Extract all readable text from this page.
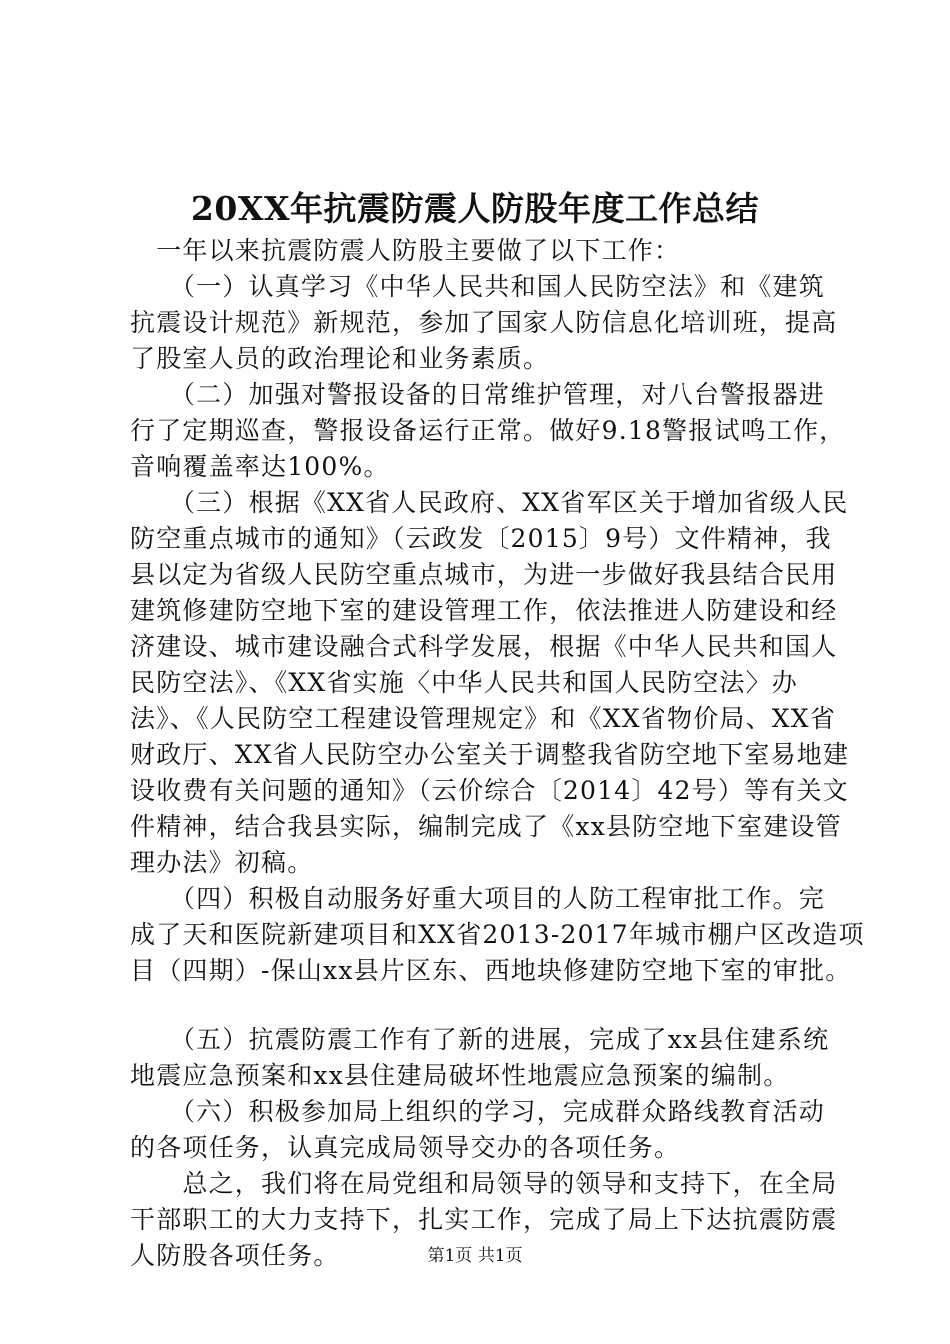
20XX年抗震防震人防股年度工作总结
　一年以来抗震防震人防股主要做了以下工作：
　　（一）认真学习《中华人民共和国人民防空法》和《建筑
抗震设计规范》新规范，参加了国家人防信息化培训班，提高
了股室人员的政治理论和业务素质。
　　（二）加强对警报设备的日常维护管理，对八台警报器进
行了定期巡查，警报设备运行正常。做好9.18警报试鸣工作，
音响覆盖率达100%。
　　（三）根据《XX省人民政府、XX省军区关于增加省级人民
防空重点城市的通知》（云政发〔2015〕9号）文件精神，我
县以定为省级人民防空重点城市，为进一步做好我县结合民用
建筑修建防空地下室的建设管理工作，依法推进人防建设和经
济建设、城市建设融合式科学发展，根据《中华人民共和国人
民防空法》、《XX省实施〈中华人民共和国人民防空法〉办
法》、《人民防空工程建设管理规定》和《XX省物价局、XX省
财政厅、XX省人民防空办公室关于调整我省防空地下室易地建
设收费有关问题的通知》（云价综合〔2014〕42号）等有关文
件精神，结合我县实际，编制完成了《xx县防空地下室建设管
理办法》初稿。
　　（四）积极自动服务好重大项目的人防工程审批工作。完
成了天和医院新建项目和XX省2013-2017年城市棚户区改造项
目（四期）-保山xx县片区东、西地块修建防空地下室的审批。
　　（五）抗震防震工作有了新的进展，完成了xx县住建系统
地震应急预案和xx县住建局破坏性地震应急预案的编制。
　　（六）积极参加局上组织的学习，完成群众路线教育活动
的各项任务，认真完成局领导交办的各项任务。
　　总之，我们将在局党组和局领导的领导和支持下，在全局
干部职工的大力支持下，扎实工作，完成了局上下达抗震防震
人防股各项任务。	第1页 共1页
